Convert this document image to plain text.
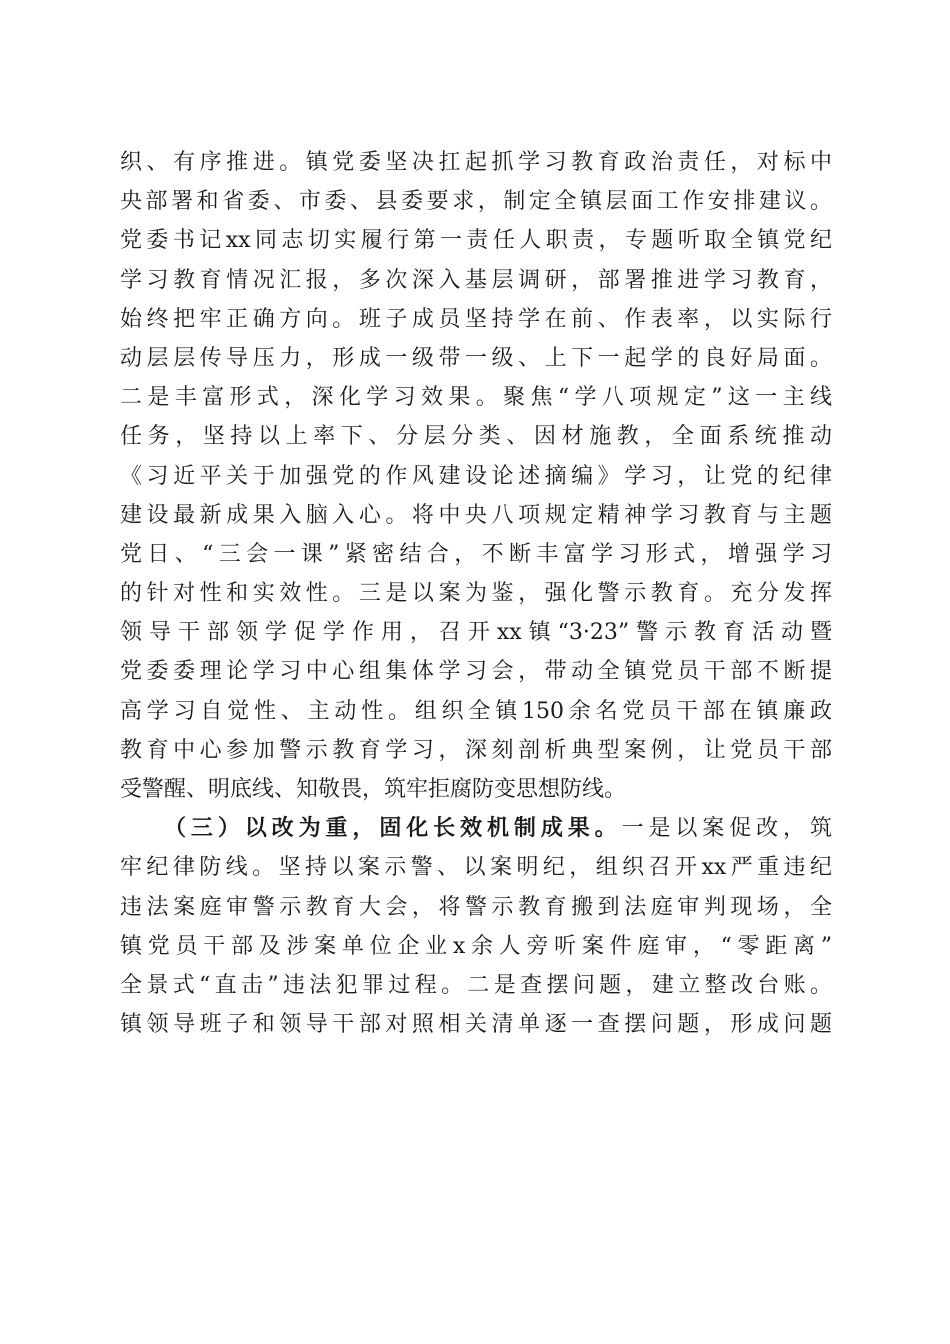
织、有序推进。镇党委坚决扛起抓学习教育政治责任，对标中
央部署和省委、市委、县委要求，制定全镇层面工作安排建议。
党委书记xx同志切实履行第一责任人职责，专题听取全镇党纪
学习教育情况汇报，多次深入基层调研，部署推进学习教育，
始终把牢正确方向。班子成员坚持学在前、作表率，以实际行
动层层传导压力，形成一级带一级、上下一起学的良好局面。
二是丰富形式，深化学习效果。聚焦“学八项规定”这一主线
任务，坚持以上率下、分层分类、因材施教，全面系统推动
《习近平关于加强党的作风建设论述摘编》学习，让党的纪律
建设最新成果入脑入心。将中央八项规定精神学习教育与主题
党日、“三会一课”紧密结合，不断丰富学习形式，增强学习
的针对性和实效性。三是以案为鉴，强化警示教育。充分发挥
领导干部领学促学作用，召开xx镇“3·23”警示教育活动暨
党委委理论学习中心组集体学习会，带动全镇党员干部不断提
高学习自觉性、主动性。组织全镇150余名党员干部在镇廉政
教育中心参加警示教育学习，深刻剖析典型案例，让党员干部
受警醒、明底线、知敬畏，筑牢拒腐防变思想防线。
（三）以改为重，固化长效机制成果。一是以案促改，筑
牢纪律防线。坚持以案示警、以案明纪，组织召开xx严重违纪
违法案庭审警示教育大会，将警示教育搬到法庭审判现场，全
镇党员干部及涉案单位企业x余人旁听案件庭审，“零距离”
全景式“直击”违法犯罪过程。二是查摆问题，建立整改台账。
镇领导班子和领导干部对照相关清单逐一查摆问题，形成问题
